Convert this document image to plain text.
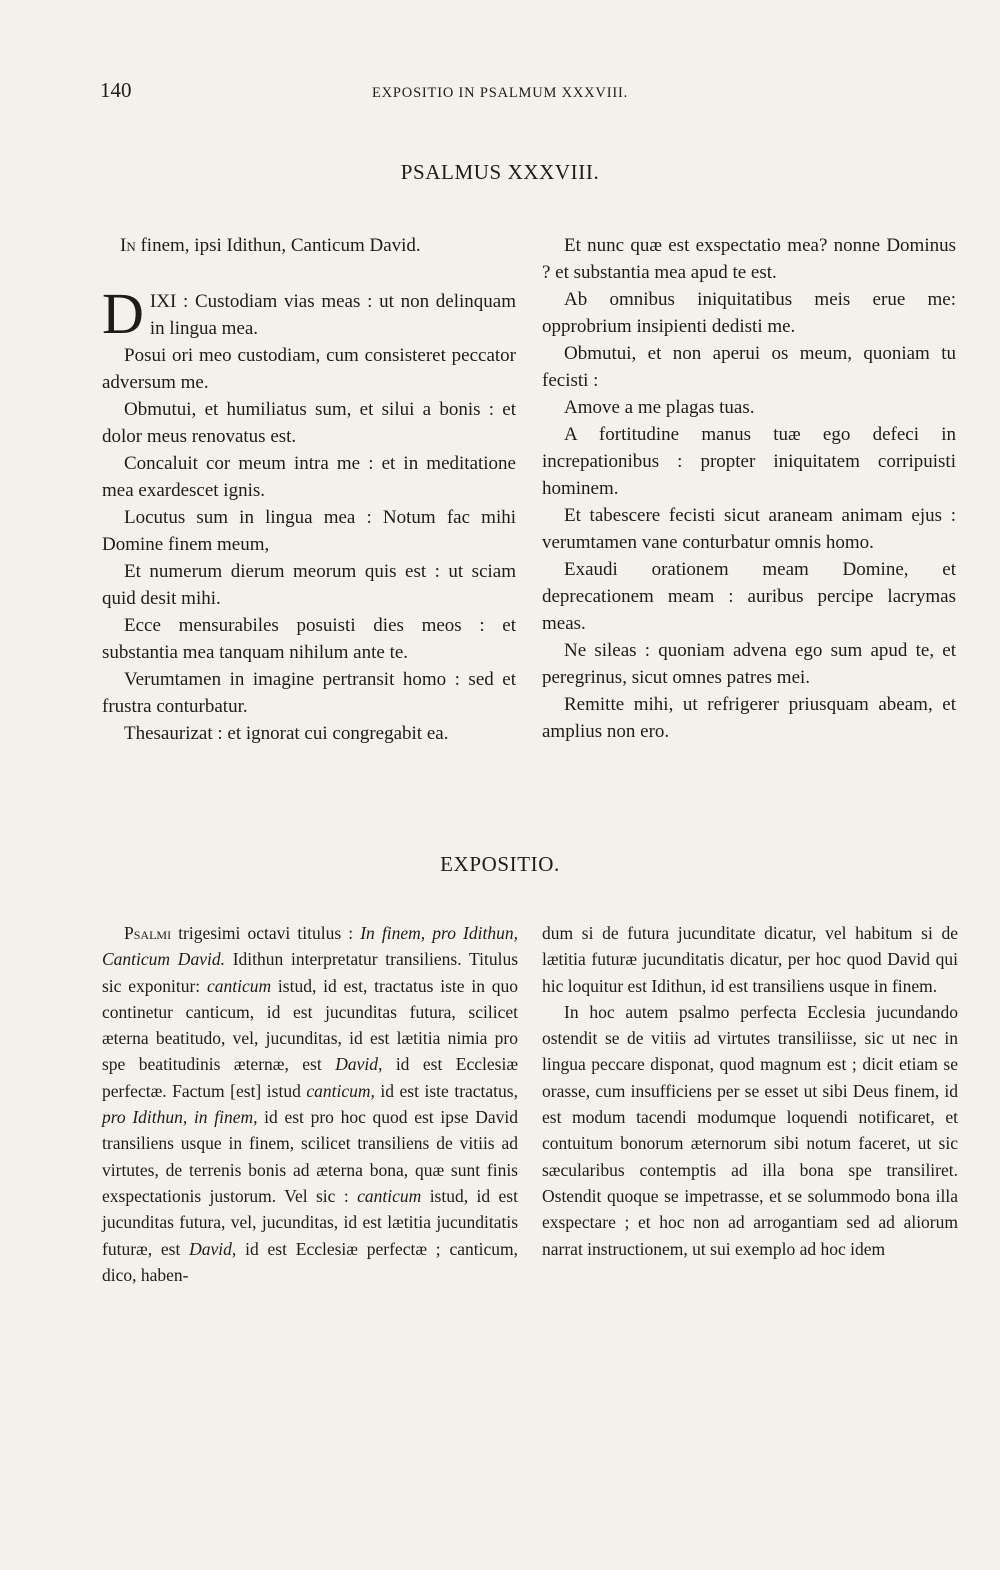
140	EXPOSITIO IN PSALMUM XXXVIII.
PSALMUS XXXVIII.

In finem, ipsi Idithun, Canticum David.

DIXI : Custodiam vias meas : ut non delinquam in lingua mea.

Posui ori meo custodiam, cum consisteret peccator adversum me.

Obmutui, et humiliatus sum, et silui a bonis : et dolor meus renovatus est.

Concaluit cor meum intra me : et in meditatione mea exardescet ignis.

Locutus sum in lingua mea : Notum fac mihi Domine finem meum,

Et numerum dierum meorum quis est : ut sciam quid desit mihi.

Ecce mensurabiles posuisti dies meos : et substantia mea tanquam nihilum ante te.

Verumtamen in imagine pertransit homo : sed et frustra conturbatur.

Thesaurizat : et ignorat cui congregabit ea.

Et nunc quæ est exspectatio mea? nonne Dominus ? et substantia mea apud te est.

Ab omnibus iniquitatibus meis erue me: opprobrium insipienti dedisti me.

Obmutui, et non aperui os meum, quoniam tu fecisti :

Amove a me plagas tuas.

A fortitudine manus tuæ ego defeci in increpationibus : propter iniquitatem corripuisti hominem.

Et tabescere fecisti sicut araneam animam ejus : verumtamen vane conturbatur omnis homo.

Exaudi orationem meam Domine, et deprecationem meam : auribus percipe lacrymas meas.

Ne sileas : quoniam advena ego sum apud te, et peregrinus, sicut omnes patres mei.

Remitte mihi, ut refrigerer priusquam abeam, et amplius non ero.

EXPOSITIO.

Psalmi trigesimi octavi titulus : In finem, pro Idithun, Canticum David. Idithun interpretatur transiliens. Titulus sic exponitur: canticum istud, id est, tractatus iste in quo continetur canticum, id est jucunditas futura, scilicet æterna beatitudo, vel, jucunditas, id est lætitia nimia pro spe beatitudinis æternæ, est David, id est Ecclesiæ perfectæ. Factum [est] istud canticum, id est iste tractatus, pro Idithun, in finem, id est pro hoc quod est ipse David transiliens usque in finem, scilicet transiliens de vitiis ad virtutes, de terrenis bonis ad æterna bona, quæ sunt finis exspectationis justorum. Vel sic : canticum istud, id est jucunditas futura, vel, jucunditas, id est lætitia jucunditatis futuræ, est David, id est Ecclesiæ perfectæ ; canticum, dico, haben-

dum si de futura jucunditate dicatur, vel habitum si de lætitia futuræ jucunditatis dicatur, per hoc quod David qui hic loquitur est Idithun, id est transiliens usque in finem.

In hoc autem psalmo perfecta Ecclesia jucundando ostendit se de vitiis ad virtutes transiliisse, sic ut nec in lingua peccare disponat, quod magnum est ; dicit etiam se orasse, cum insufficiens per se esset ut sibi Deus finem, id est modum tacendi modumque loquendi notificaret, et contuitum bonorum æternorum sibi notum faceret, ut sic sæcularibus contemptis ad illa bona spe transiliret. Ostendit quoque se impetrasse, et se solummodo bona illa exspectare ; et hoc non ad arrogantiam sed ad aliorum narrat instructionem, ut sui exemplo ad hoc idem
